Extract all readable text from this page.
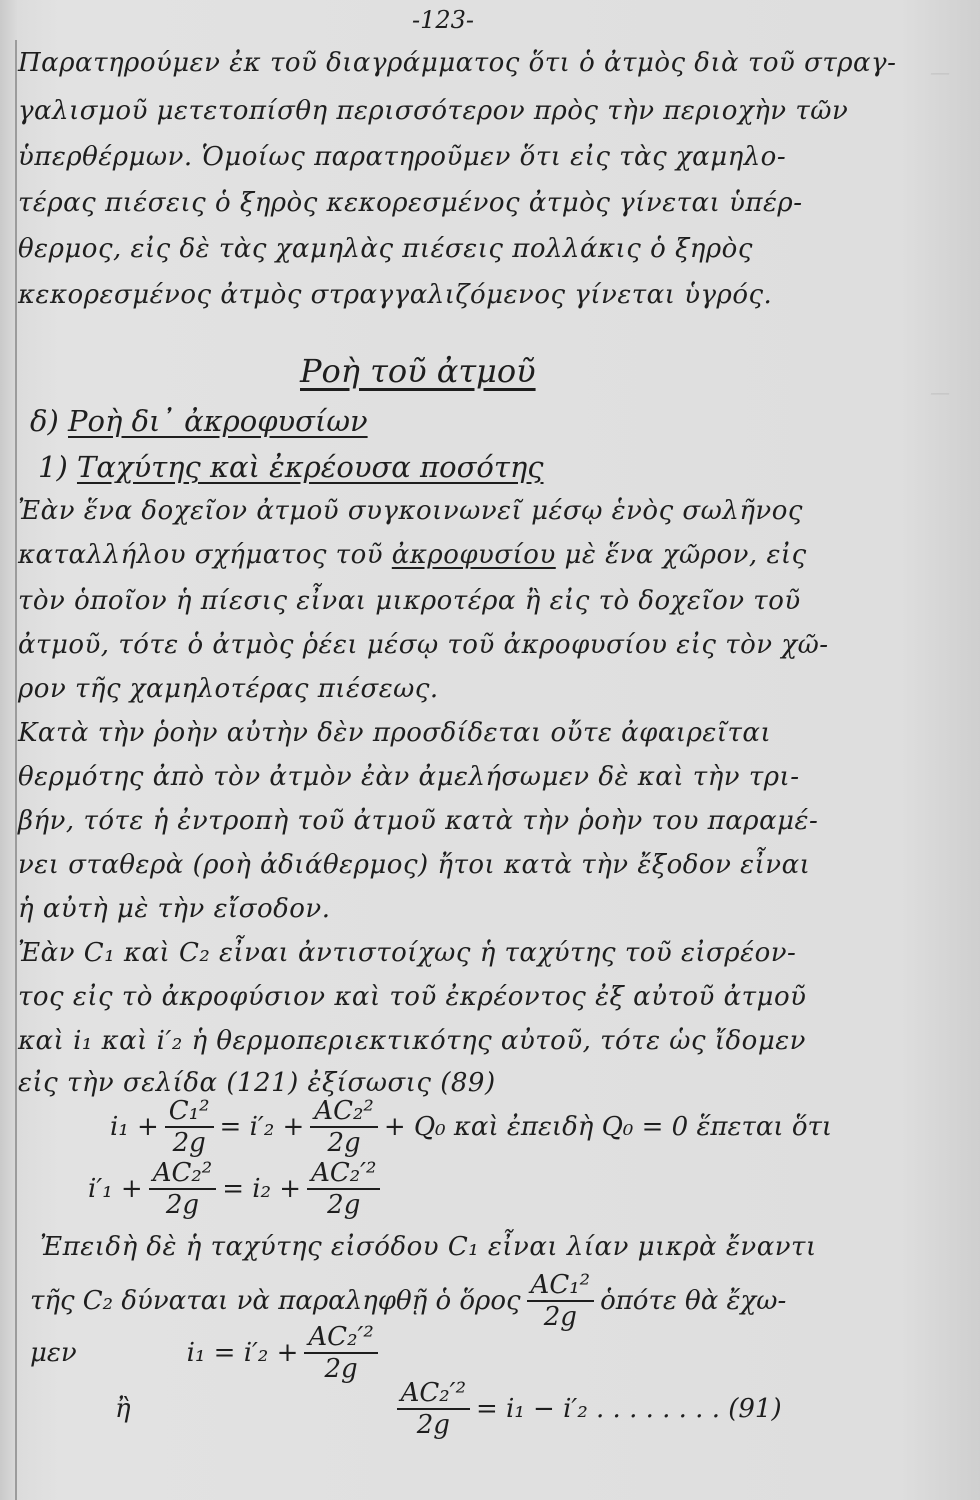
—
—
-123-
Παρατηρούμεν ἐκ τοῦ διαγράμματος ὅτι ὁ ἀτμὸς διὰ τοῦ στραγ-
γαλισμοῦ μετετοπίσθη περισσότερον πρὸς τὴν περιοχὴν τῶν
ὑπερθέρμων. Ὁμοίως παρατηροῦμεν ὅτι εἰς τὰς χαμηλο-
τέρας πιέσεις ὁ ξηρὸς κεκορεσμένος ἀτμὸς γίνεται ὑπέρ-
θερμος, εἰς δὲ τὰς χαμηλὰς πιέσεις πολλάκις ὁ ξηρὸς
κεκορεσμένος ἀτμὸς στραγγαλιζόμενος γίνεται ὑγρός.
Ροὴ τοῦ ἀτμοῦ
δ) Ροὴ δι᾽ ἀκροφυσίων
1) Ταχύτης καὶ ἐκρέουσα ποσότης
Ἐὰν ἕνα δοχεῖον ἀτμοῦ συγκοινωνεῖ μέσῳ ἑνὸς σωλῆνος
καταλλήλου σχήματος τοῦ ἀκροφυσίου μὲ ἕνα χῶρον, εἰς
τὸν ὁποῖον ἡ πίεσις εἶναι μικροτέρα ἢ εἰς τὸ δοχεῖον τοῦ
ἀτμοῦ, τότε ὁ ἀτμὸς ῥέει μέσῳ τοῦ ἀκροφυσίου εἰς τὸν χῶ-
ρον τῆς χαμηλοτέρας πιέσεως.
Κατὰ τὴν ῥοὴν αὐτὴν δὲν προσδίδεται οὔτε ἀφαιρεῖται
θερμότης ἀπὸ τὸν ἀτμὸν ἐὰν ἀμελήσωμεν δὲ καὶ τὴν τρι-
βήν, τότε ἡ ἐντροπὴ τοῦ ἀτμοῦ κατὰ τὴν ῥοὴν του παραμέ-
νει σταθερὰ (ροὴ ἀδιάθερμος) ἤτοι κατὰ τὴν ἔξοδον εἶναι
ἡ αὐτὴ μὲ τὴν εἴσοδον.
Ἐὰν C₁ καὶ C₂ εἶναι ἀντιστοίχως ἡ ταχύτης τοῦ εἰσρέον-
τος εἰς τὸ ἀκροφύσιον καὶ τοῦ ἐκρέοντος ἐξ αὐτοῦ ἀτμοῦ
καὶ i₁ καὶ i′₂ ἡ θερμοπεριεκτικότης αὐτοῦ, τότε ὡς ἴδομεν
εἰς τὴν σελίδα (121) ἐξίσωσις (89)
$i_1 + \frac{\text{C₁²}}{2g} = i'_2 + \frac{\text{AC₂²}}{2g} + Q_0$ καὶ ἐπειδὴ Q₀ = 0 ἕπεται ὅτι
$i'_1 + \frac{\text{AC₂²}}{2g} = i_2 + \frac{\text{AC₂′²}}{2g}$
Ἐπειδὴ δὲ ἡ ταχύτης εἰσόδου C₁ εἶναι λίαν μικρὰ ἔναντι
τῆς C₂ δύναται νὰ παραληφθῇ ὁ ὅρος $\frac{\text{AC₁²}}{2g}$ ὁπότε θὰ ἔχω-
μεν	$i_1 = i'_2 + \frac{\text{AC₂′²}}{2g}$
ἢ	$\frac{\text{AC₂′²}}{2g} = i_1 - i'_2$ . . . . . . . . (91)
